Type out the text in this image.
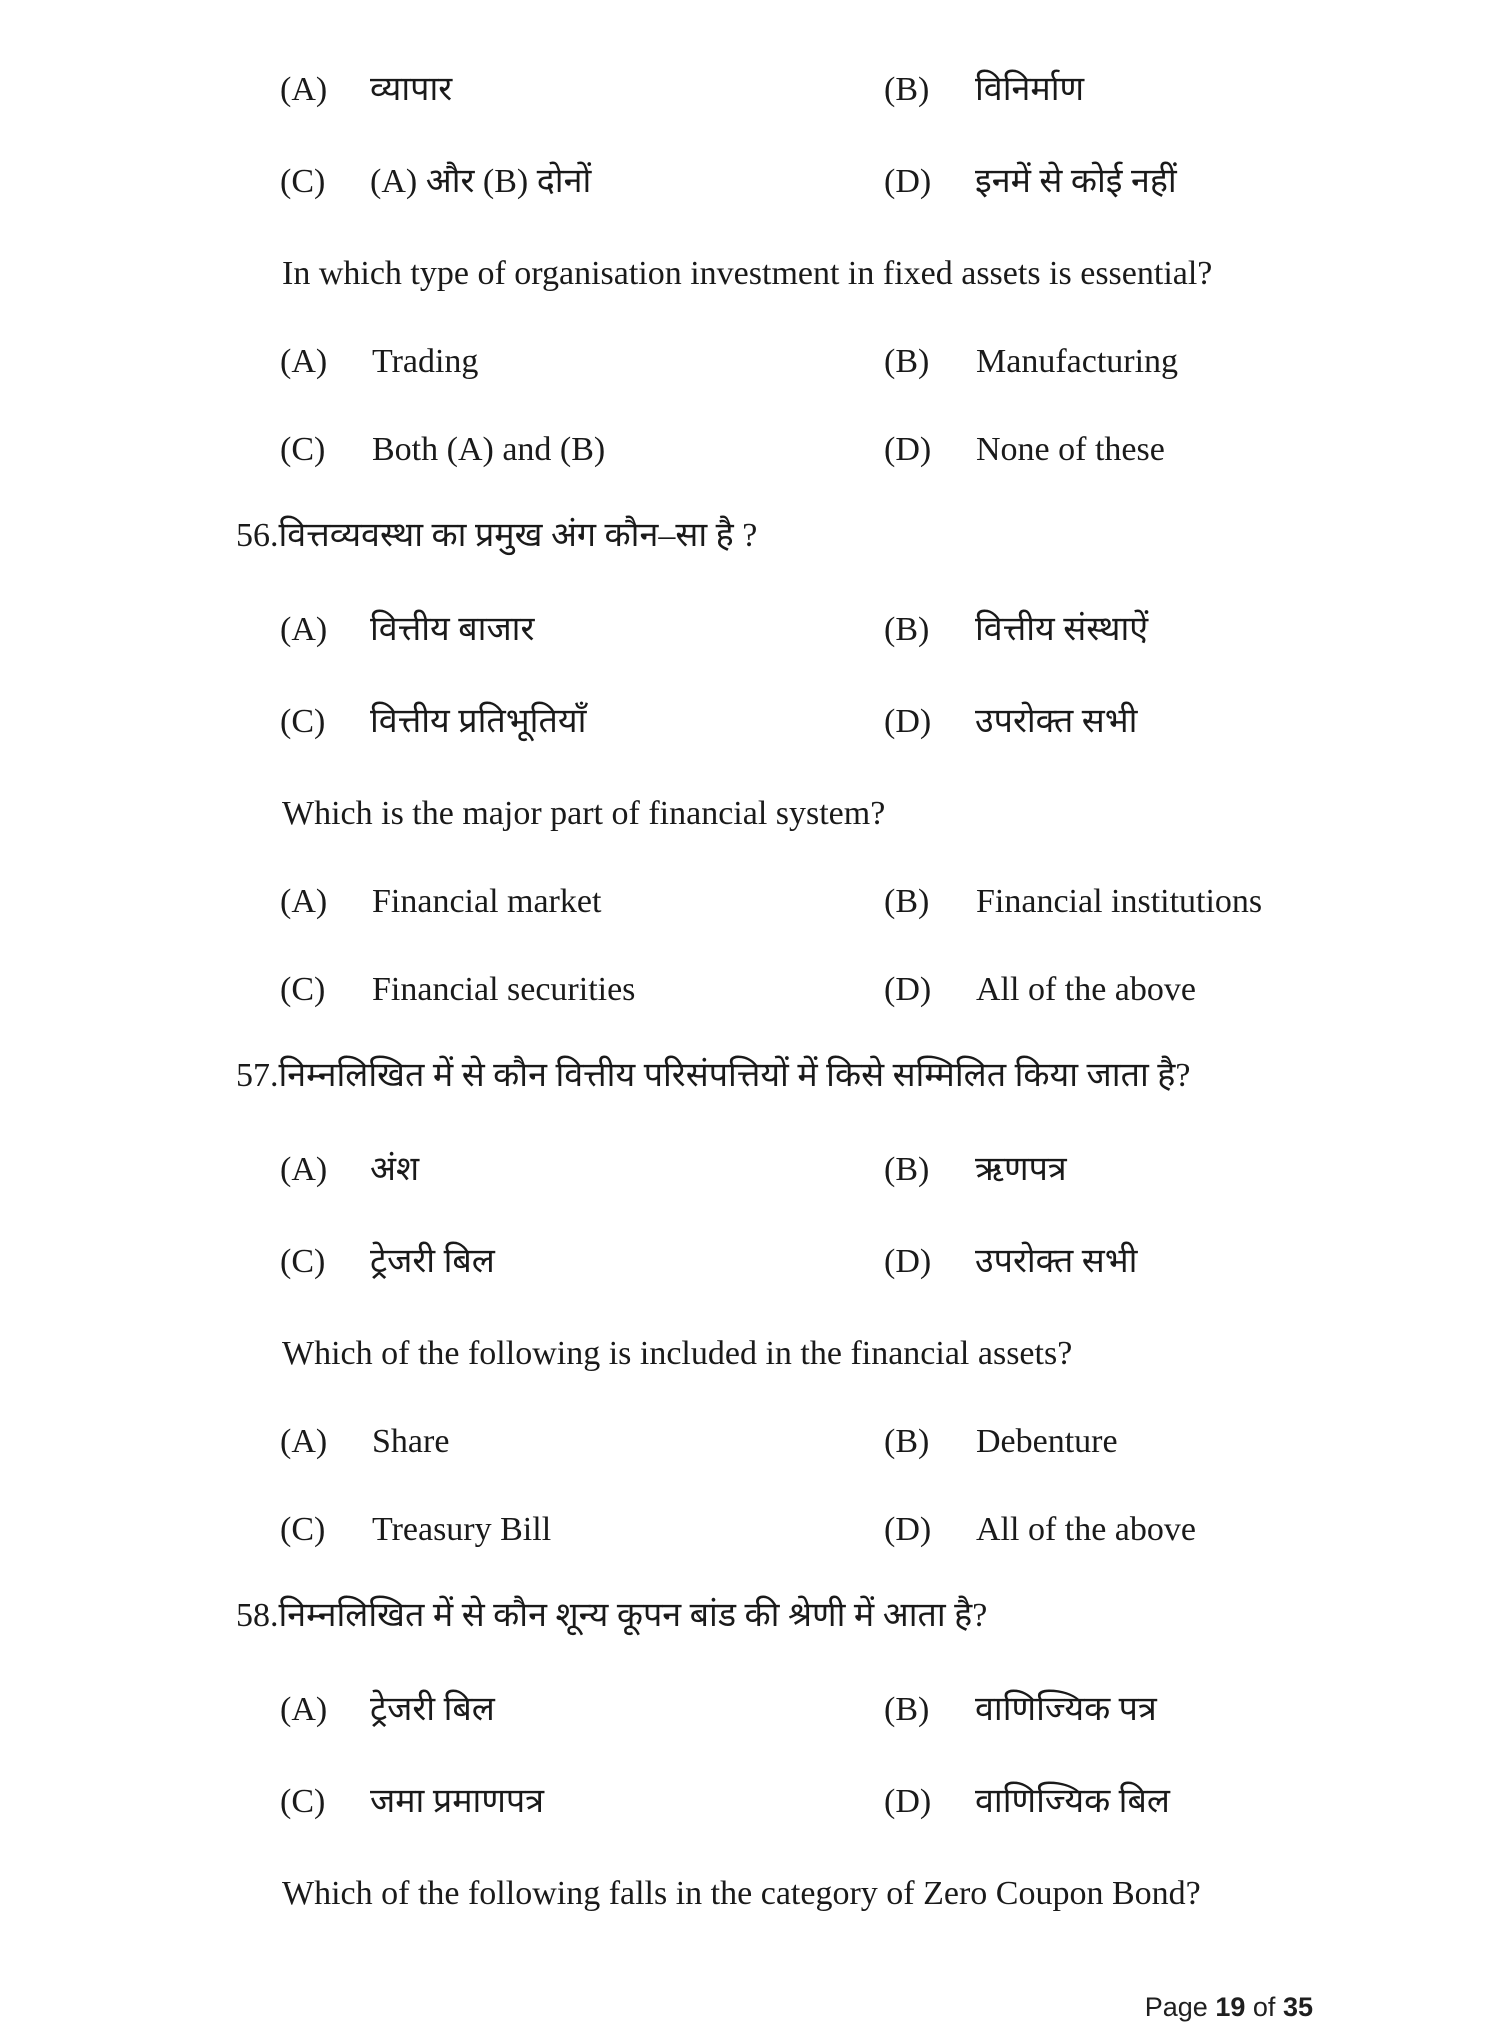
(A) व्यापार	(B) विनिर्माण
(C) (A) और (B) दोनों	(D) इनमें से कोई नहीं
In which type of organisation investment in fixed assets is essential?
(A) Trading	(B) Manufacturing
(C) Both (A) and (B)	(D) None of these
56.वित्तव्यवस्था का प्रमुख अंग कौन–सा है ?
(A) वित्तीय बाजार	(B) वित्तीय संस्थाऐं
(C) वित्तीय प्रतिभूतियाँ	(D) उपरोक्त सभी
Which is the major part of financial system?
(A) Financial market	(B) Financial institutions
(C) Financial securities	(D) All of the above
57.निम्नलिखित में से कौन वित्तीय परिसंपत्तियों में किसे सम्मिलित किया जाता है?
(A) अंश	(B) ऋणपत्र
(C) ट्रेजरी बिल	(D) उपरोक्त सभी
Which of the following is included in the financial assets?
(A) Share	(B) Debenture
(C) Treasury Bill	(D) All of the above
58.निम्नलिखित में से कौन शून्य कूपन बांड की श्रेणी में आता है?
(A) ट्रेजरी बिल	(B) वाणिज्यिक पत्र
(C) जमा प्रमाणपत्र	(D) वाणिज्यिक बिल
Which of the following falls in the category of Zero Coupon Bond?
Page 19 of 35
